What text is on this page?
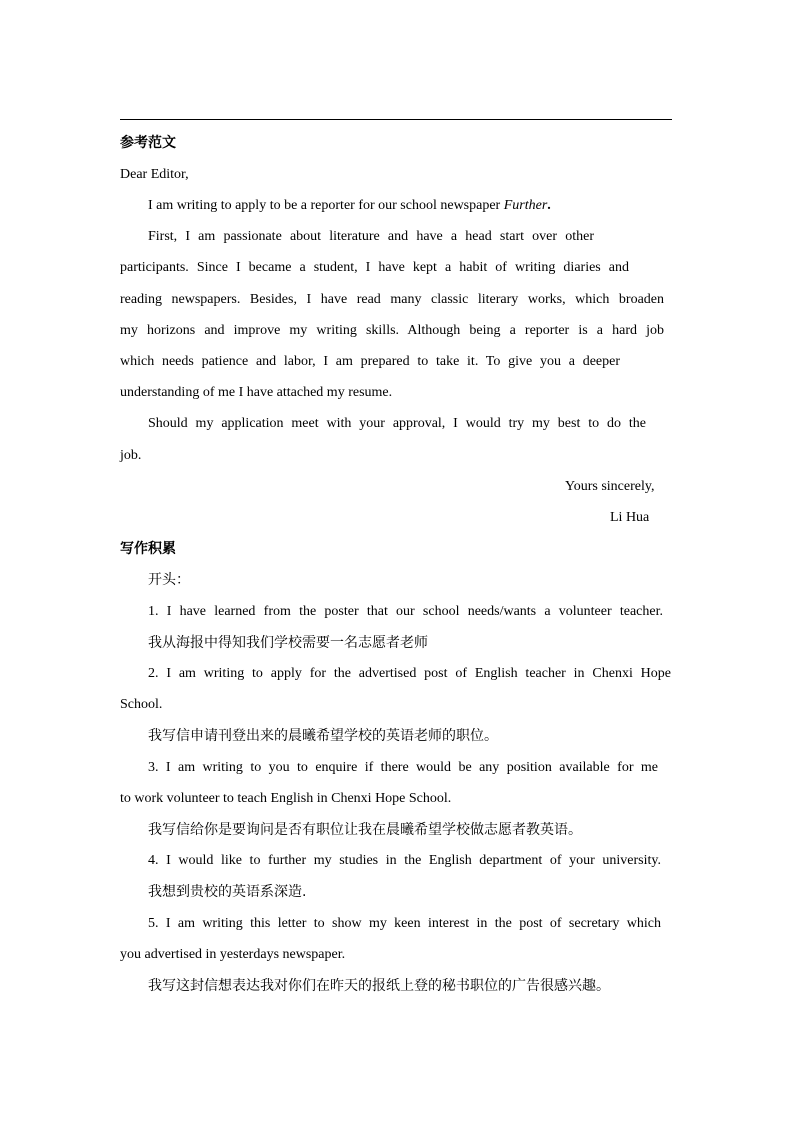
参考范文
Dear Editor,
I am writing to apply to be a reporter for our school newspaper Further.
First, I am passionate about literature and have a head start over other
participants. Since I became a student, I have kept a habit of writing diaries and
reading newspapers. Besides, I have read many classic literary works, which broaden
my horizons and improve my writing skills. Although being a reporter is a hard job
which needs patience and labor, I am prepared to take it. To give you a deeper
understanding of me I have attached my resume.
Should my application meet with your approval, I would try my best to do the
job.
Yours sincerely,
Li Hua
写作积累
开头：
1. I have learned from the poster that our school needs/wants a volunteer teacher.
我从海报中得知我们学校需要一名志愿者老师
2. I am writing to apply for the advertised post of English teacher in Chenxi Hope
School.
我写信申请刊登出来的晨曦希望学校的英语老师的职位。
3. I am writing to you to enquire if there would be any position available for me
to work volunteer to teach English in Chenxi Hope School.
我写信给你是要询问是否有职位让我在晨曦希望学校做志愿者教英语。
4. I would like to further my studies in the English department of your university.
我想到贵校的英语系深造.
5. I am writing this letter to show my keen interest in the post of secretary which
you advertised in yesterdays newspaper.
我写这封信想表达我对你们在昨天的报纸上登的秘书职位的广告很感兴趣。
